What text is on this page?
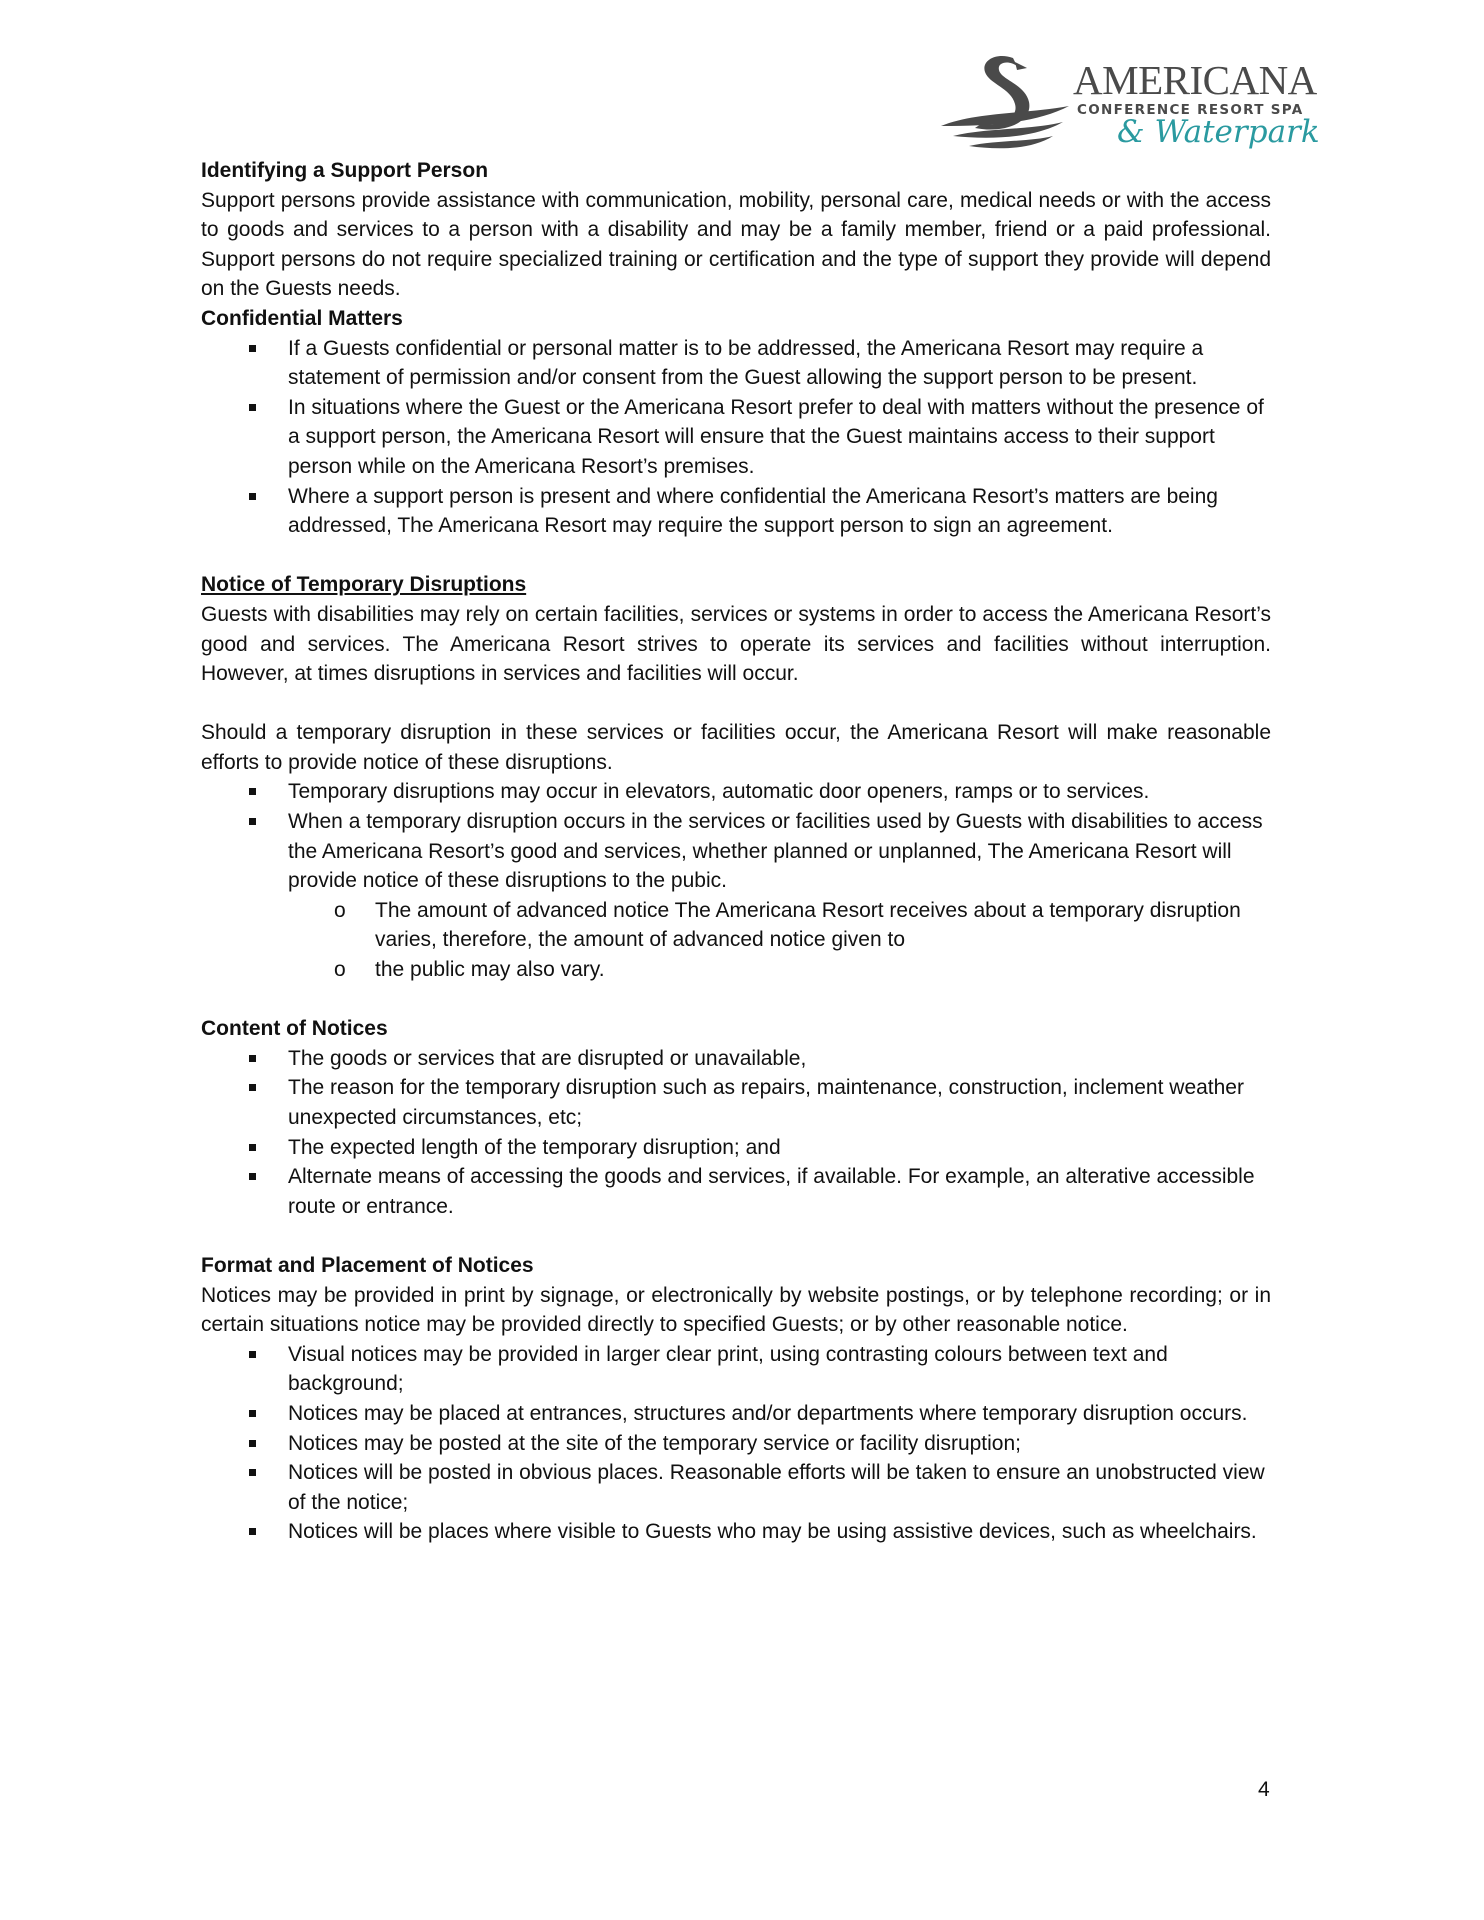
AMERICANA
CONFERENCE RESORT SPA
& Waterpark
Identifying a Support Person

Support persons provide assistance with communication, mobility, personal care, medical needs or with the access to goods and services to a person with a disability and may be a family member, friend or a paid professional. Support persons do not require specialized training or certification and the type of support they provide will depend on the Guests needs.

Confidential Matters
If a Guests confidential or personal matter is to be addressed, the Americana Resort may require a statement of permission and/or consent from the Guest allowing the support person to be present.
In situations where the Guest or the Americana Resort prefer to deal with matters without the presence of a support person, the Americana Resort will ensure that the Guest maintains access to their support person while on the Americana Resort’s premises.
Where a support person is present and where confidential the Americana Resort’s matters are being addressed, The Americana Resort may require the support person to sign an agreement.
Notice of Temporary Disruptions

Guests with disabilities may rely on certain facilities, services or systems in order to access the Americana Resort’s good and services. The Americana Resort strives to operate its services and facilities without interruption. However, at times disruptions in services and facilities will occur.

Should a temporary disruption in these services or facilities occur, the Americana Resort will make reasonable efforts to provide notice of these disruptions.

Temporary disruptions may occur in elevators, automatic door openers, ramps or to services.
When a temporary disruption occurs in the services or facilities used by Guests with disabilities to access the Americana Resort’s good and services, whether planned or unplanned, The Americana Resort will provide notice of these disruptions to the pubic.
o The amount of advanced notice The Americana Resort receives about a temporary disruption varies, therefore, the amount of advanced notice given to
o the public may also vary.
Content of Notices
The goods or services that are disrupted or unavailable,
The reason for the temporary disruption such as repairs, maintenance, construction, inclement weather unexpected circumstances, etc;
The expected length of the temporary disruption; and
Alternate means of accessing the goods and services, if available. For example, an alterative accessible route or entrance.
Format and Placement of Notices

Notices may be provided in print by signage, or electronically by website postings, or by telephone recording; or in certain situations notice may be provided directly to specified Guests; or by other reasonable notice.

Visual notices may be provided in larger clear print, using contrasting colours between text and background;
Notices may be placed at entrances, structures and/or departments where temporary disruption occurs.
Notices may be posted at the site of the temporary service or facility disruption;
Notices will be posted in obvious places. Reasonable efforts will be taken to ensure an unobstructed view of the notice;
Notices will be places where visible to Guests who may be using assistive devices, such as wheelchairs.
4
